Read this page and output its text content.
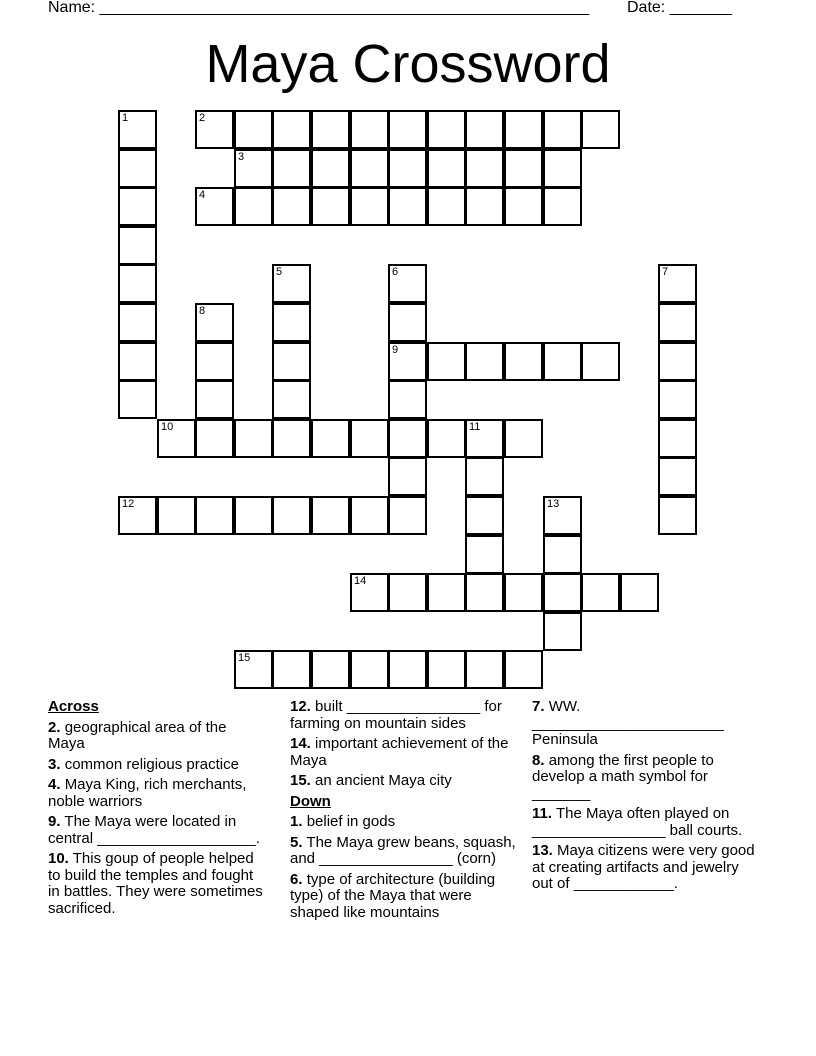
Name: _______________________________________________________ Date: _______
Maya Crossword
1	2
3
4
5	6
9
7
8
10	11
12	13
14
15
Across
2. geographical area of the Maya
3. common religious practice
4. Maya King, rich merchants, noble warriors
9. The Maya were located in central ___________________.
10. This goup of people helped to build the temples and fought in battles. They were sometimes sacrificed.
12. built ________________ for farming on mountain sides
14. important achievement of the Maya
15. an ancient Maya city
Down
1. belief in gods
5. The Maya grew beans, squash, and ________________ (corn)
6. type of architecture (building type) of the Maya that were shaped like mountains
7. WW. _______________________ Peninsula
8. among the first people to develop a math symbol for _______
11. The Maya often played on ________________ ball courts.
13. Maya citizens were very good at creating artifacts and jewelry out of ____________.
